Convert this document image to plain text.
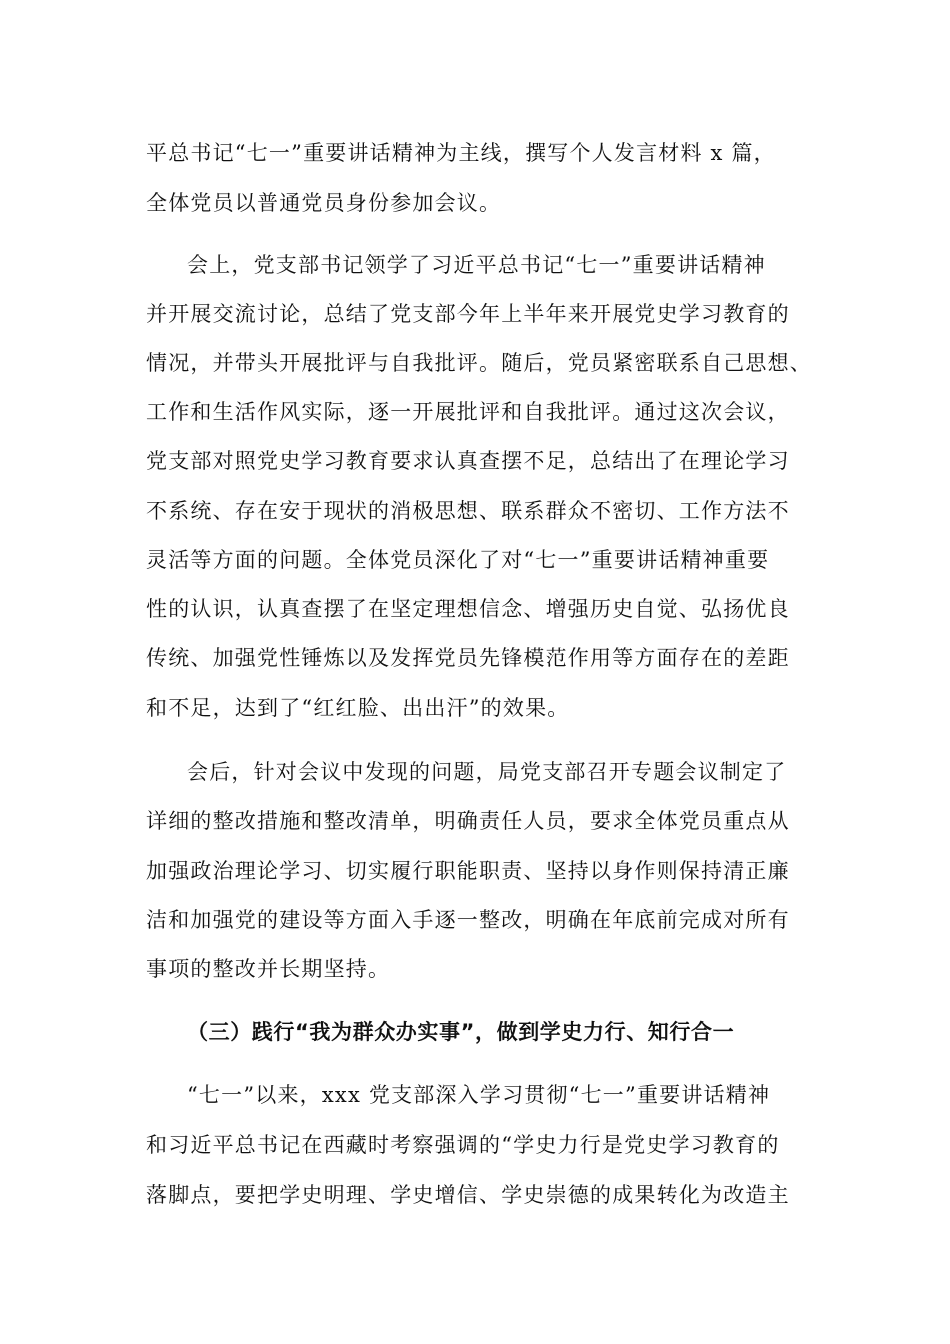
平总书记“七一”重要讲话精神为主线，撰写个人发言材料 x 篇，
全体党员以普通党员身份参加会议。
会上，党支部书记领学了习近平总书记“七一”重要讲话精神
并开展交流讨论，总结了党支部今年上半年来开展党史学习教育的
情况，并带头开展批评与自我批评。随后，党员紧密联系自己思想、
工作和生活作风实际，逐一开展批评和自我批评。通过这次会议，
党支部对照党史学习教育要求认真查摆不足，总结出了在理论学习
不系统、存在安于现状的消极思想、联系群众不密切、工作方法不
灵活等方面的问题。全体党员深化了对“七一”重要讲话精神重要
性的认识，认真查摆了在坚定理想信念、增强历史自觉、弘扬优良
传统、加强党性锤炼以及发挥党员先锋模范作用等方面存在的差距
和不足，达到了“红红脸、出出汗”的效果。
会后，针对会议中发现的问题，局党支部召开专题会议制定了
详细的整改措施和整改清单，明确责任人员，要求全体党员重点从
加强政治理论学习、切实履行职能职责、坚持以身作则保持清正廉
洁和加强党的建设等方面入手逐一整改，明确在年底前完成对所有
事项的整改并长期坚持。
（三）践行“我为群众办实事”，做到学史力行、知行合一
“七一”以来，xxx 党支部深入学习贯彻“七一”重要讲话精神
和习近平总书记在西藏时考察强调的“学史力行是党史学习教育的
落脚点，要把学史明理、学史增信、学史崇德的成果转化为改造主
